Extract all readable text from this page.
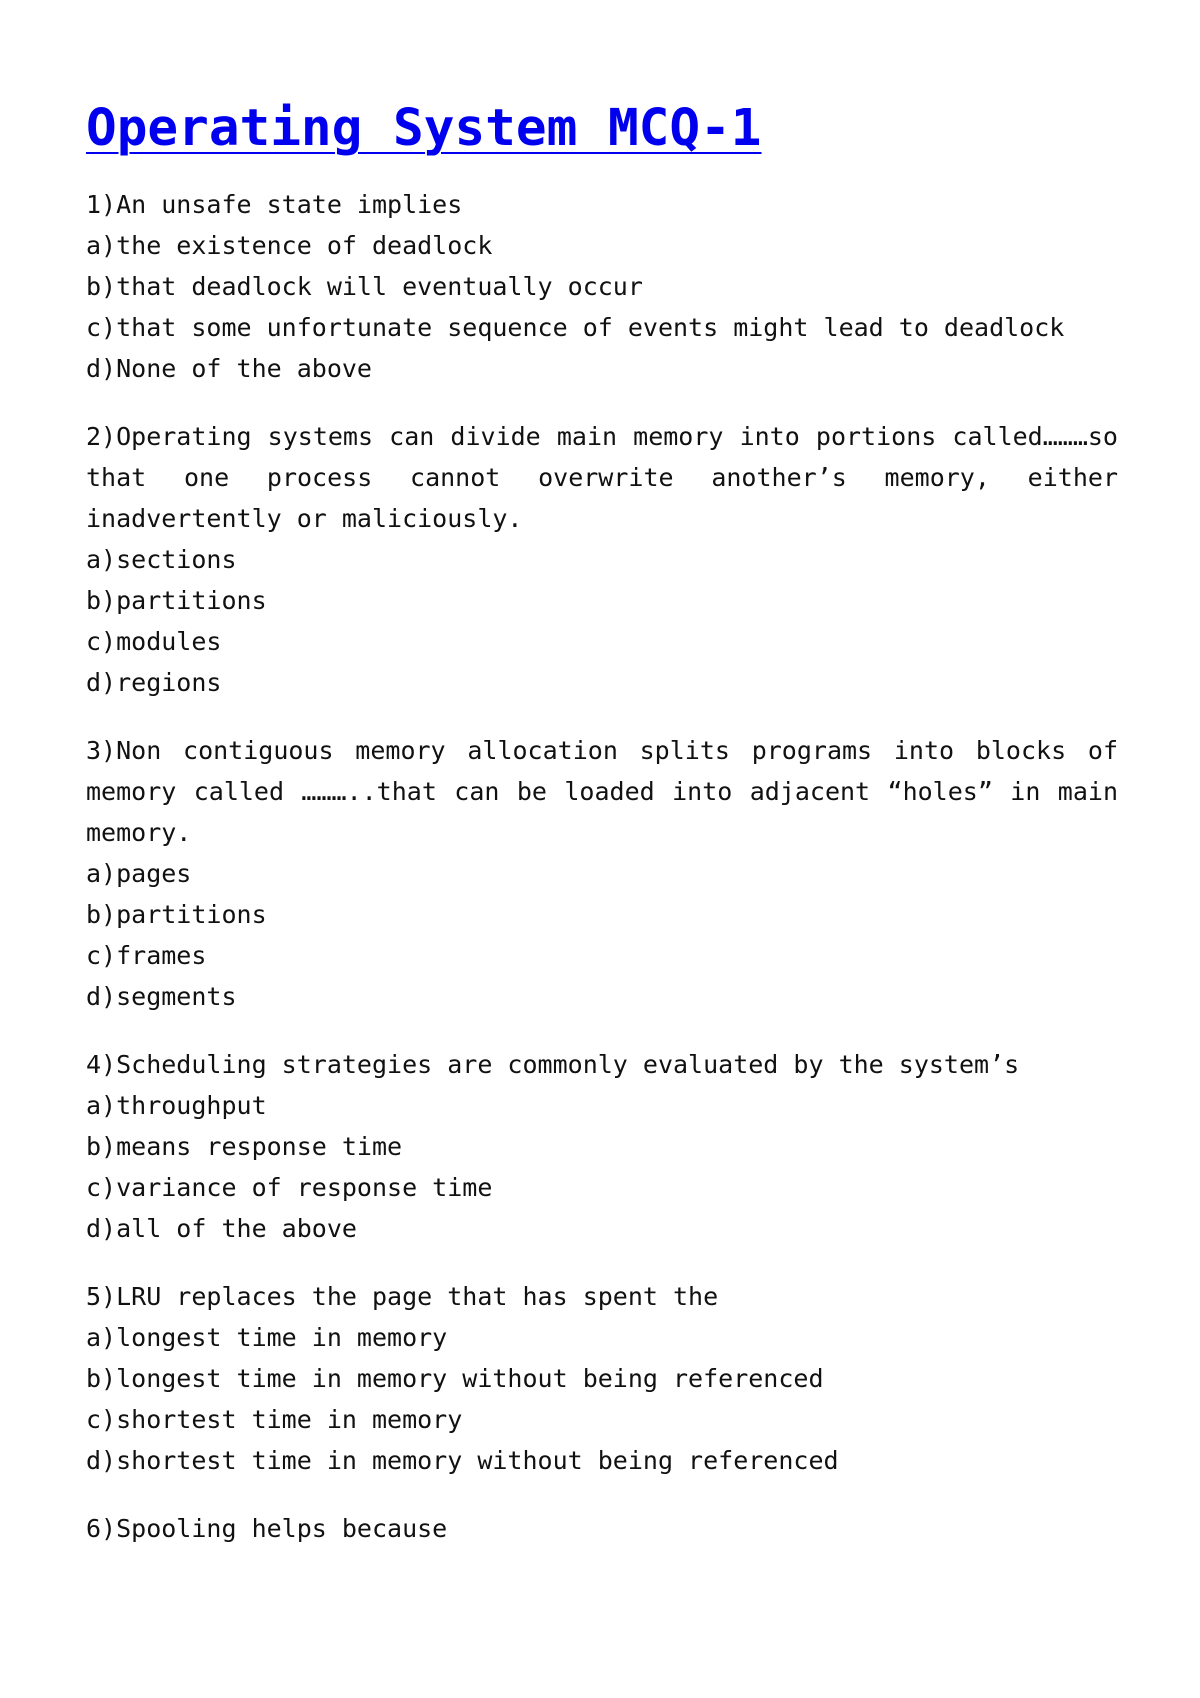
Operating System MCQ-1

1)An unsafe state implies

a)the existence of deadlock

b)that deadlock will eventually occur

c)that some unfortunate sequence of events might lead to deadlock

d)None of the above

2)Operating systems can divide main memory into portions called………so that one process cannot overwrite another’s memory, either inadvertently or maliciously.

a)sections

b)partitions

c)modules

d)regions

3)Non contiguous memory allocation splits programs into blocks of memory called ………..that can be loaded into adjacent “holes” in main memory.

a)pages

b)partitions

c)frames

d)segments

4)Scheduling strategies are commonly evaluated by the system’s

a)throughput

b)means response time

c)variance of response time

d)all of the above

5)LRU replaces the page that has spent the

a)longest time in memory

b)longest time in memory without being referenced

c)shortest time in memory

d)shortest time in memory without being referenced

6)Spooling helps because
